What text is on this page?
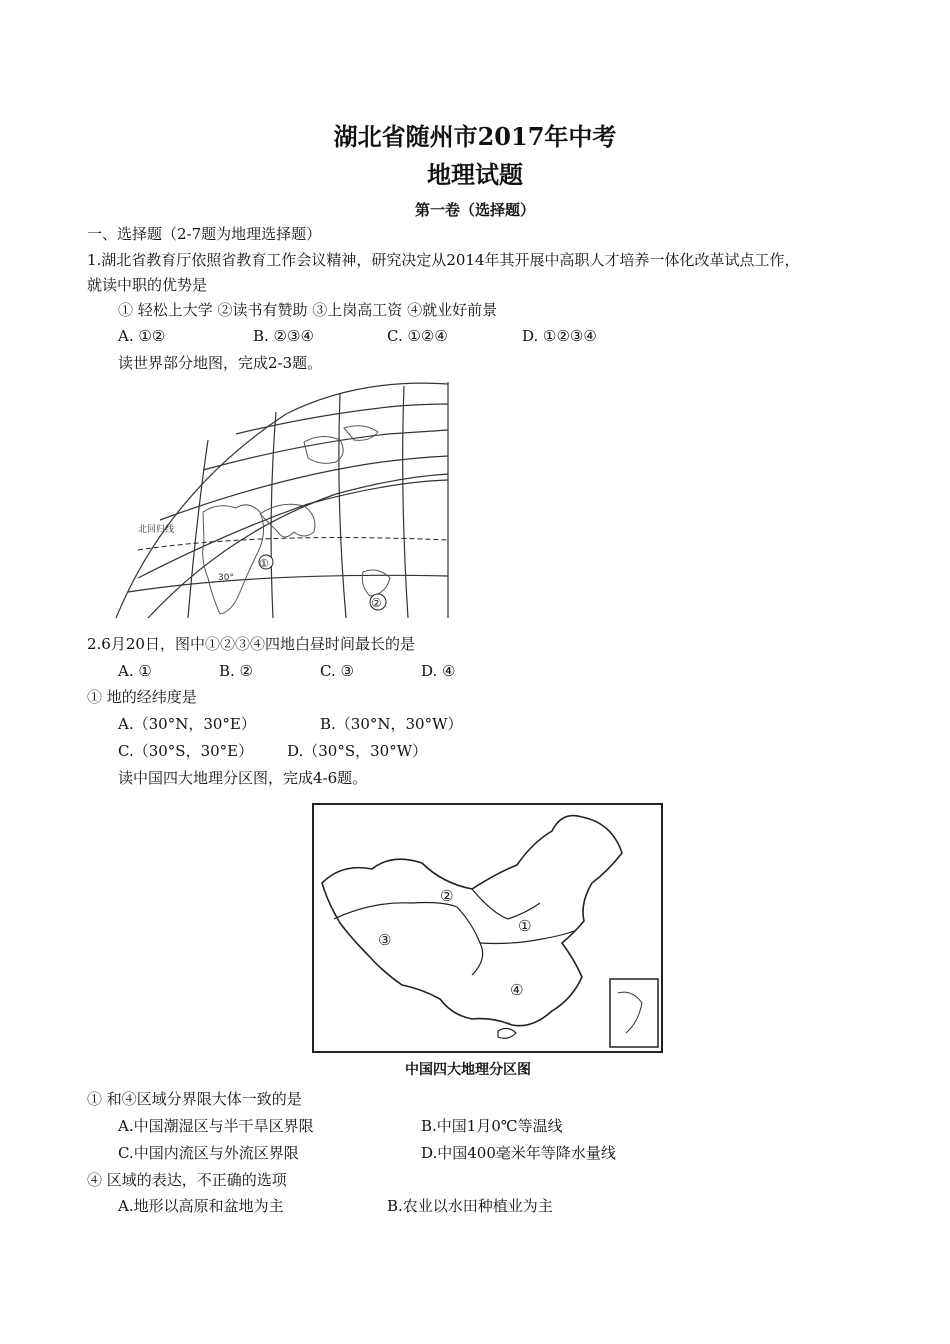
湖北省随州市2017年中考
地理试题
第一卷（选择题）
一、选择题（2-7题为地理选择题）
1.湖北省教育厅依照省教育工作会议精神，研究决定从2014年其开展中高职人才培养一体化改革试点工作，
就读中职的优势是
① 轻松上大学 ②读书有赞助 ③上岗高工资 ④就业好前景
A. ①②	B. ②③④	C. ①②④	D. ①②③④
读世界部分地图，完成2-3题。
①
②
30°
北回归线
2.6月20日，图中①②③④四地白昼时间最长的是
A. ①	B. ②	C. ③	D. ④
① 地的经纬度是
A.（30°N，30°E）	B.（30°N，30°W）
C.（30°S，30°E） D.（30°S，30°W）
读中国四大地理分区图，完成4-6题。
①
②
③
④
中国四大地理分区图
① 和④区域分界限大体一致的是
A.中国潮湿区与半干旱区界限	B.中国1月0℃等温线
C.中国内流区与外流区界限	D.中国400毫米年等降水量线
④ 区域的表达，不正确的选项
A.地形以高原和盆地为主	B.农业以水田种植业为主
